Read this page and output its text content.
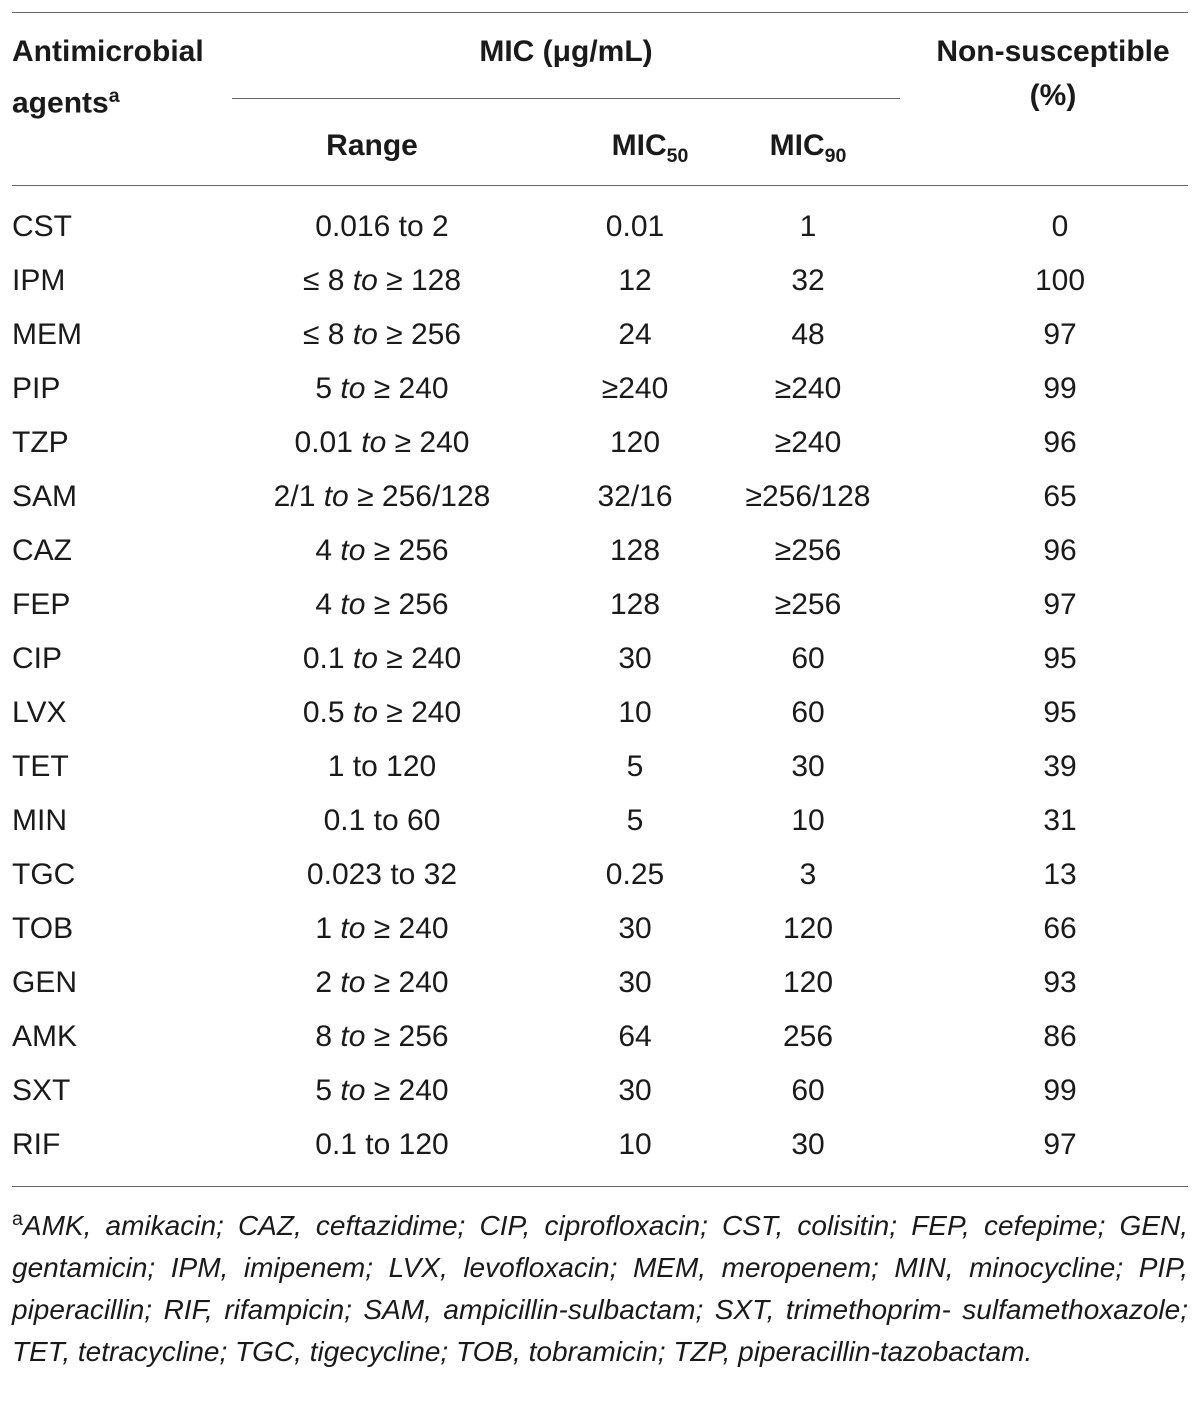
Antimicrobial
agents$^a$
MIC (μg/mL)	Non-susceptible
(%)
Range	$MIC_{50}$	$MIC_{90}$
CST	0.016 to 2	0.01	1	0
IPM	≤ 8 to ≥ 128	12	32	100
MEM	≤ 8 to ≥ 256	24	48	97
PIP	5 to ≥ 240	≥240	≥240	99
TZP	0.01 to ≥ 240	120	≥240	96
SAM	2/1 to ≥ 256/128	32/16	≥256/128	65
CAZ	4 to ≥ 256	128	≥256	96
FEP	4 to ≥ 256	128	≥256	97
CIP	0.1 to ≥ 240	30	60	95
LVX	0.5 to ≥ 240	10	60	95
TET	1 to 120	5	30	39
MIN	0.1 to 60	5	10	31
TGC	0.023 to 32	0.25	3	13
TOB	1 to ≥ 240	30	120	66
GEN	2 to ≥ 240	30	120	93
AMK	8 to ≥ 256	64	256	86
SXT	5 to ≥ 240	30	60	99
RIF	0.1 to 120	10	30	97
$^a$AMK, amikacin; CAZ, ceftazidime; CIP, ciprofloxacin; CST, colisitin; FEP, cefepime; GEN, gentamicin; IPM, imipenem; LVX, levofloxacin; MEM, meropenem; MIN, minocycline; PIP, piperacillin; RIF, rifampicin; SAM, ampicillin-sulbactam; SXT, trimethoprim- sulfamethoxazole; TET, tetracycline; TGC, tigecycline; TOB, tobramicin; TZP, piperacillin-tazobactam.
